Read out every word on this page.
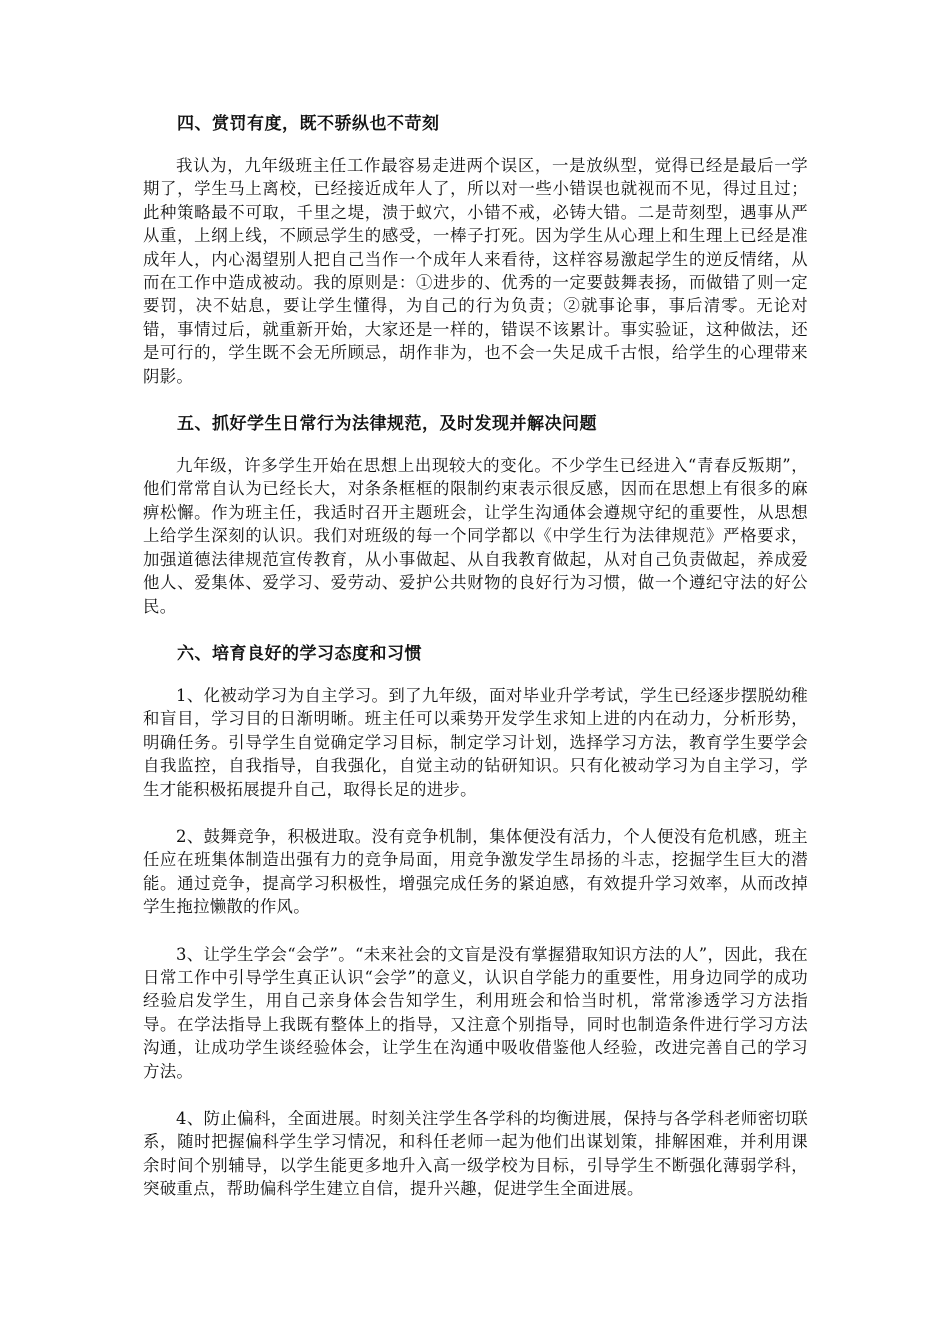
四、赏罚有度，既不骄纵也不苛刻

我认为，九年级班主任工作最容易走进两个误区，一是放纵型，觉得已经是最后一学期了，学生马上离校，已经接近成年人了，所以对一些小错误也就视而不见，得过且过；此种策略最不可取，千里之堤，溃于蚁穴，小错不戒，必铸大错。二是苛刻型，遇事从严从重，上纲上线，不顾忌学生的感受，一棒子打死。因为学生从心理上和生理上已经是准成年人，内心渴望别人把自己当作一个成年人来看待，这样容易激起学生的逆反情绪，从而在工作中造成被动。我的原则是：①进步的、优秀的一定要鼓舞表扬，而做错了则一定要罚，决不姑息，要让学生懂得，为自己的行为负责；②就事论事，事后清零。无论对错，事情过后，就重新开始，大家还是一样的，错误不该累计。事实验证，这种做法，还是可行的，学生既不会无所顾忌，胡作非为，也不会一失足成千古恨，给学生的心理带来阴影。

五、抓好学生日常行为法律规范，及时发现并解决问题

九年级，许多学生开始在思想上出现较大的变化。不少学生已经进入“青春反叛期”，他们常常自认为已经长大，对条条框框的限制约束表示很反感，因而在思想上有很多的麻痹松懈。作为班主任，我适时召开主题班会，让学生沟通体会遵规守纪的重要性，从思想上给学生深刻的认识。我们对班级的每一个同学都以《中学生行为法律规范》严格要求，加强道德法律规范宣传教育，从小事做起、从自我教育做起，从对自己负责做起，养成爱他人、爱集体、爱学习、爱劳动、爱护公共财物的良好行为习惯，做一个遵纪守法的好公民。

六、培育良好的学习态度和习惯

1、化被动学习为自主学习。到了九年级，面对毕业升学考试，学生已经逐步摆脱幼稚和盲目，学习目的日渐明晰。班主任可以乘势开发学生求知上进的内在动力，分析形势，明确任务。引导学生自觉确定学习目标，制定学习计划，选择学习方法，教育学生要学会自我监控，自我指导，自我强化，自觉主动的钻研知识。只有化被动学习为自主学习，学生才能积极拓展提升自己，取得长足的进步。

2、鼓舞竞争，积极进取。没有竞争机制，集体便没有活力，个人便没有危机感，班主任应在班集体制造出强有力的竞争局面，用竞争激发学生昂扬的斗志，挖掘学生巨大的潜能。通过竞争，提高学习积极性，增强完成任务的紧迫感，有效提升学习效率，从而改掉学生拖拉懒散的作风。

3、让学生学会“会学”。“未来社会的文盲是没有掌握猎取知识方法的人”，因此，我在日常工作中引导学生真正认识“会学”的意义，认识自学能力的重要性，用身边同学的成功经验启发学生，用自己亲身体会告知学生，利用班会和恰当时机，常常渗透学习方法指导。在学法指导上我既有整体上的指导，又注意个别指导，同时也制造条件进行学习方法沟通，让成功学生谈经验体会，让学生在沟通中吸收借鉴他人经验，改进完善自己的学习方法。

4、防止偏科，全面进展。时刻关注学生各学科的均衡进展，保持与各学科老师密切联系，随时把握偏科学生学习情况，和科任老师一起为他们出谋划策，排解困难，并利用课余时间个别辅导，以学生能更多地升入高一级学校为目标，引导学生不断强化薄弱学科，突破重点，帮助偏科学生建立自信，提升兴趣，促进学生全面进展。
